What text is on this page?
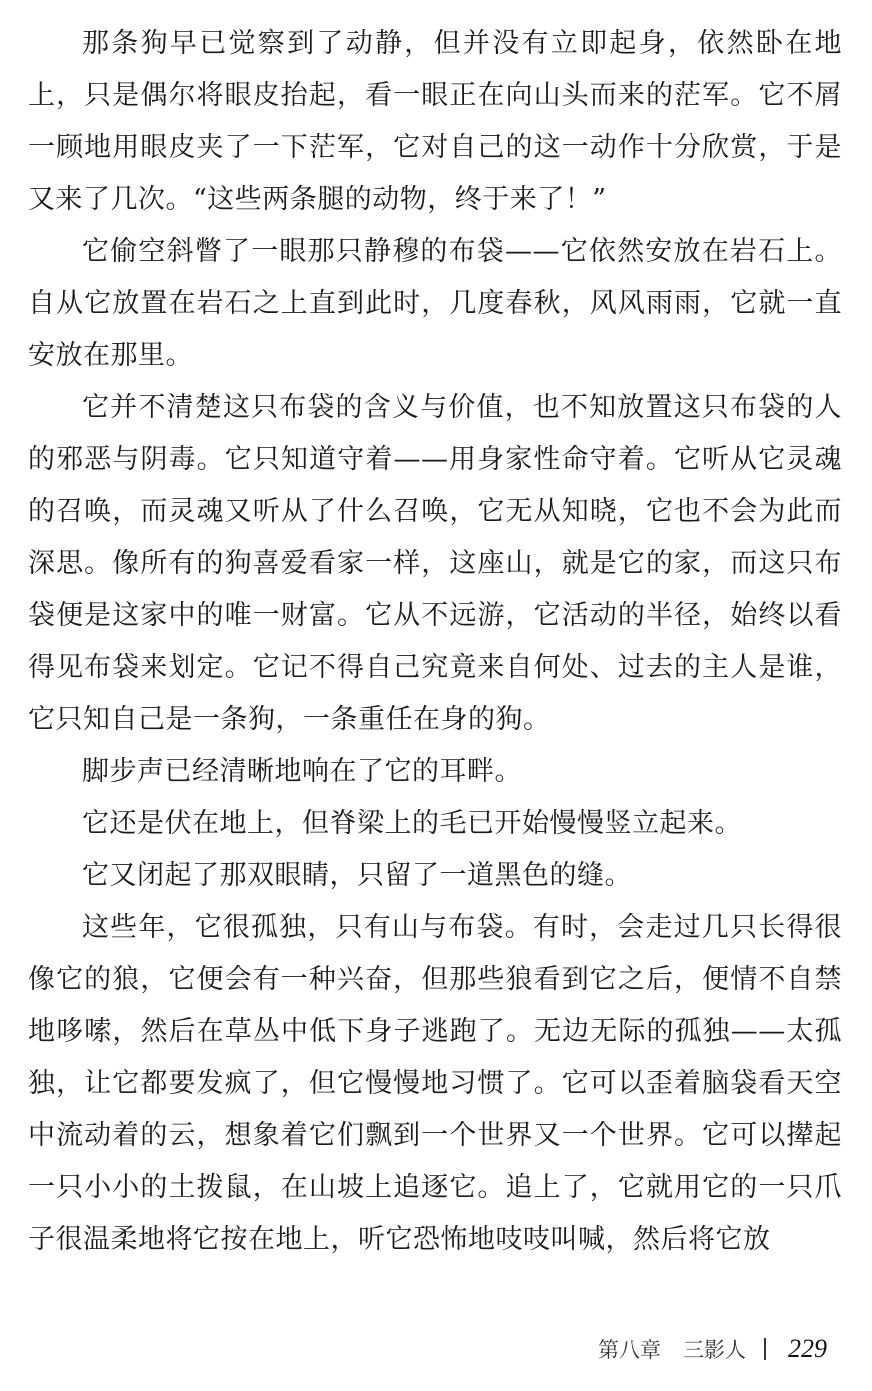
那条狗早已觉察到了动静，但并没有立即起身，依然卧在地上，只是偶尔将眼皮抬起，看一眼正在向山头而来的茫军。它不屑一顾地用眼皮夹了一下茫军，它对自己的这一动作十分欣赏，于是又来了几次。“这些两条腿的动物，终于来了！”

它偷空斜瞥了一眼那只静穆的布袋——它依然安放在岩石上。自从它放置在岩石之上直到此时，几度春秋，风风雨雨，它就一直安放在那里。

它并不清楚这只布袋的含义与价值，也不知放置这只布袋的人的邪恶与阴毒。它只知道守着——用身家性命守着。它听从它灵魂的召唤，而灵魂又听从了什么召唤，它无从知晓，它也不会为此而深思。像所有的狗喜爱看家一样，这座山，就是它的家，而这只布袋便是这家中的唯一财富。它从不远游，它活动的半径，始终以看得见布袋来划定。它记不得自己究竟来自何处、过去的主人是谁，它只知自己是一条狗，一条重任在身的狗。

脚步声已经清晰地响在了它的耳畔。

它还是伏在地上，但脊梁上的毛已开始慢慢竖立起来。

它又闭起了那双眼睛，只留了一道黑色的缝。

这些年，它很孤独，只有山与布袋。有时，会走过几只长得很像它的狼，它便会有一种兴奋，但那些狼看到它之后，便情不自禁地哆嗦，然后在草丛中低下身子逃跑了。无边无际的孤独——太孤独，让它都要发疯了，但它慢慢地习惯了。它可以歪着脑袋看天空中流动着的云，想象着它们飘到一个世界又一个世界。它可以撵起一只小小的土拨鼠，在山坡上追逐它。追上了，它就用它的一只爪子很温柔地将它按在地上，听它恐怖地吱吱叫喊，然后将它放

第八章 三影人 229
